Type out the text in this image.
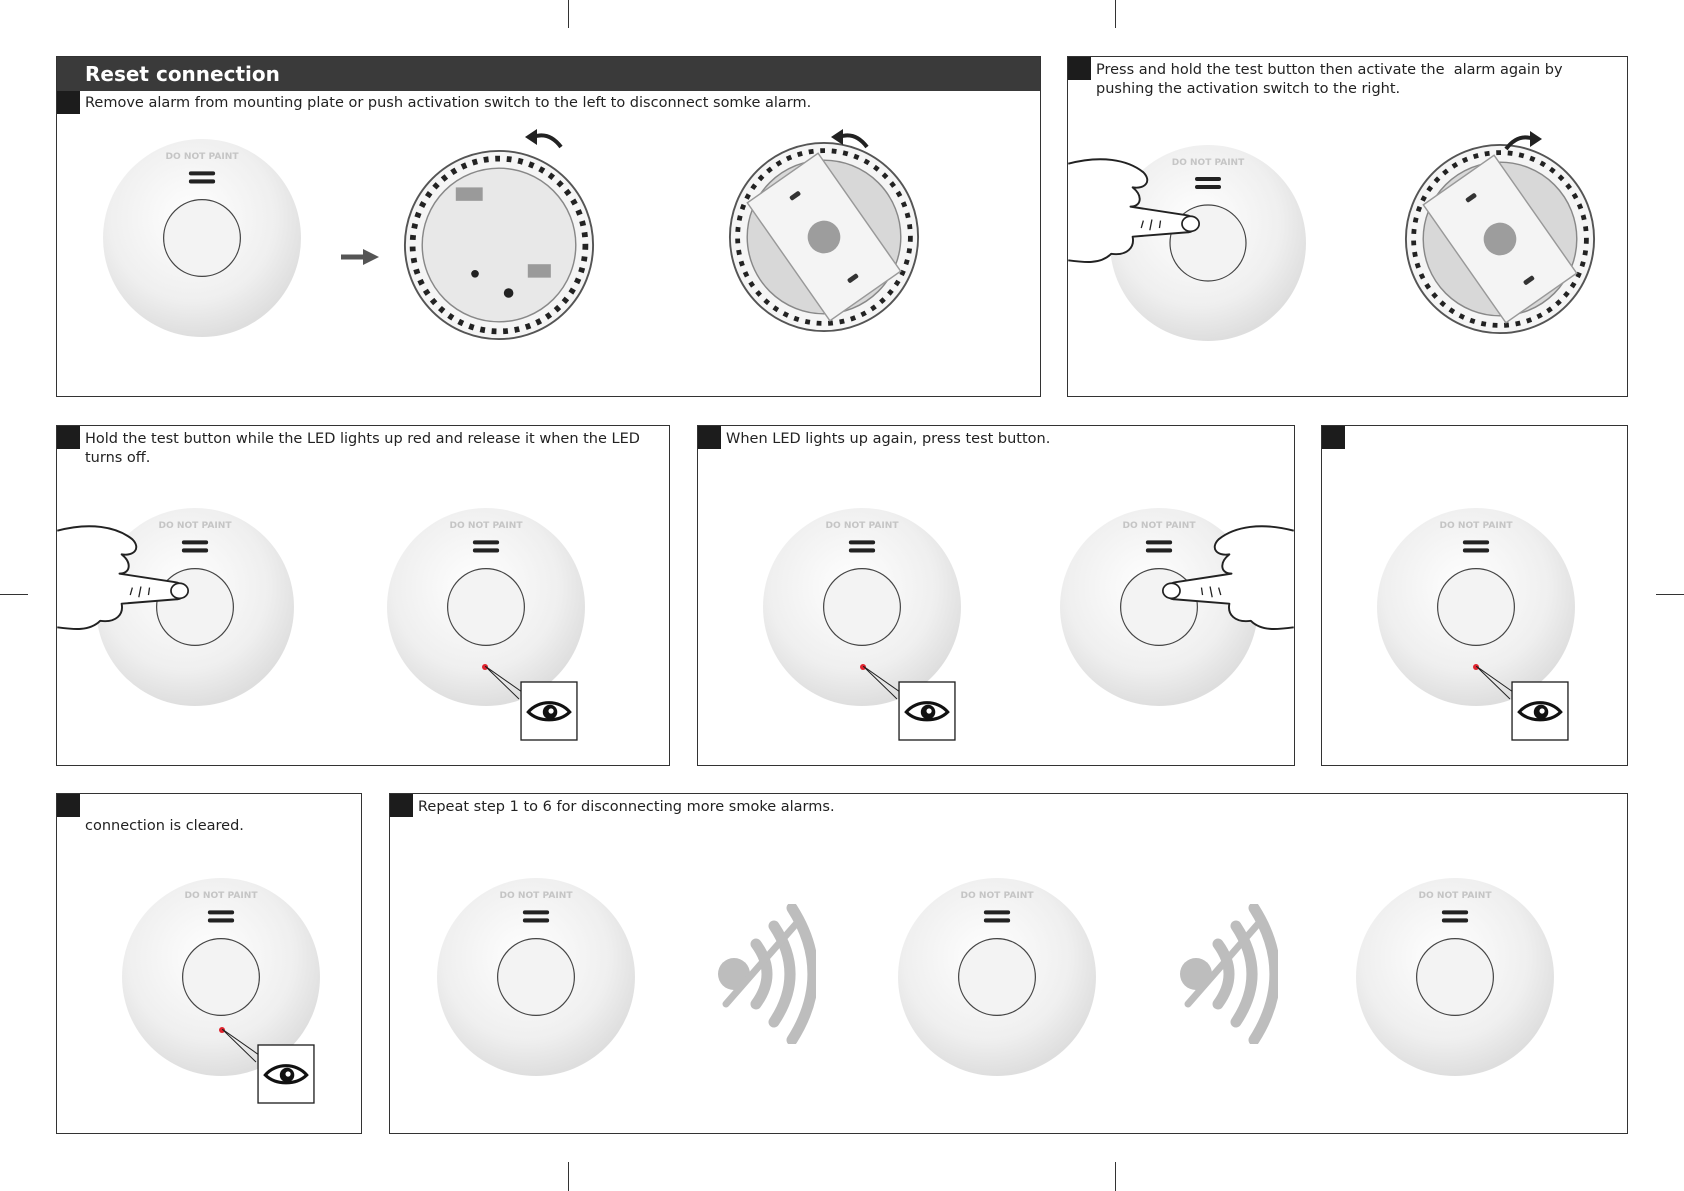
Reset connection
Remove alarm from mounting plate or push activation switch to the left to disconnect somke alarm.
Press and hold the test button then activate the  alarm again by pushing the activation switch to the right.
Hold the test button while the LED lights up red and release it when the LED turns off.
When LED lights up again, press test button.
connection is cleared.
Repeat step 1 to 6 for disconnecting more smoke alarms.
